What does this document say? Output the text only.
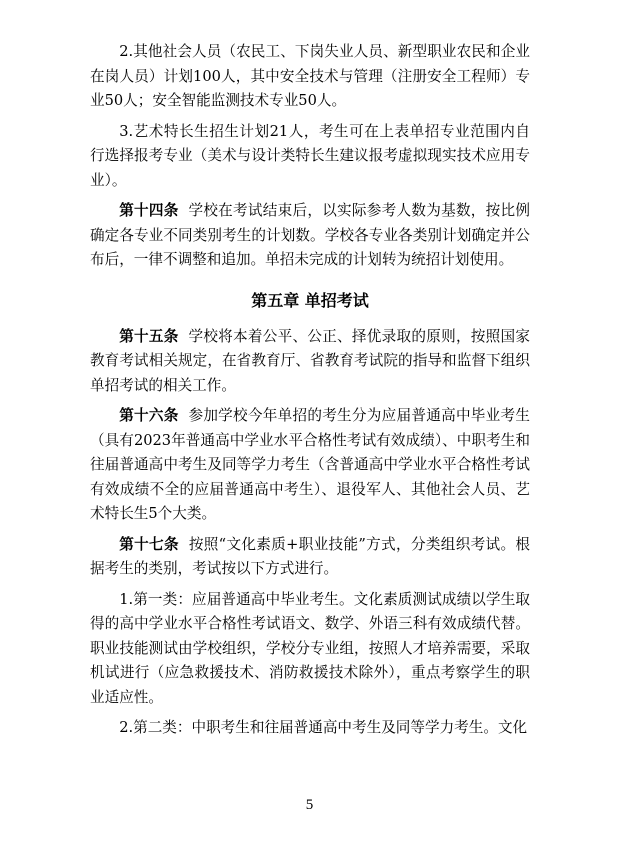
2.其他社会人员（农民工、下岗失业人员、新型职业农民和企业在岗人员）计划100人，其中安全技术与管理（注册安全工程师）专业50人；安全智能监测技术专业50人。

3.艺术特长生招生计划21人，考生可在上表单招专业范围内自行选择报考专业（美术与设计类特长生建议报考虚拟现实技术应用专业）。

第十四条 学校在考试结束后，以实际参考人数为基数，按比例确定各专业不同类别考生的计划数。学校各专业各类别计划确定并公布后，一律不调整和追加。单招未完成的计划转为统招计划使用。

第五章 单招考试

第十五条 学校将本着公平、公正、择优录取的原则，按照国家教育考试相关规定，在省教育厅、省教育考试院的指导和监督下组织单招考试的相关工作。

第十六条 参加学校今年单招的考生分为应届普通高中毕业考生（具有2023年普通高中学业水平合格性考试有效成绩）、中职考生和往届普通高中考生及同等学力考生（含普通高中学业水平合格性考试有效成绩不全的应届普通高中考生）、退役军人、其他社会人员、艺术特长生5个大类。

第十七条 按照“文化素质+职业技能”方式，分类组织考试。根据考生的类别，考试按以下方式进行。

1.第一类：应届普通高中毕业考生。文化素质测试成绩以学生取得的高中学业水平合格性考试语文、数学、外语三科有效成绩代替。职业技能测试由学校组织，学校分专业组，按照人才培养需要，采取机试进行（应急救援技术、消防救援技术除外），重点考察学生的职业适应性。

2.第二类：中职考生和往届普通高中考生及同等学力考生。文化

5
